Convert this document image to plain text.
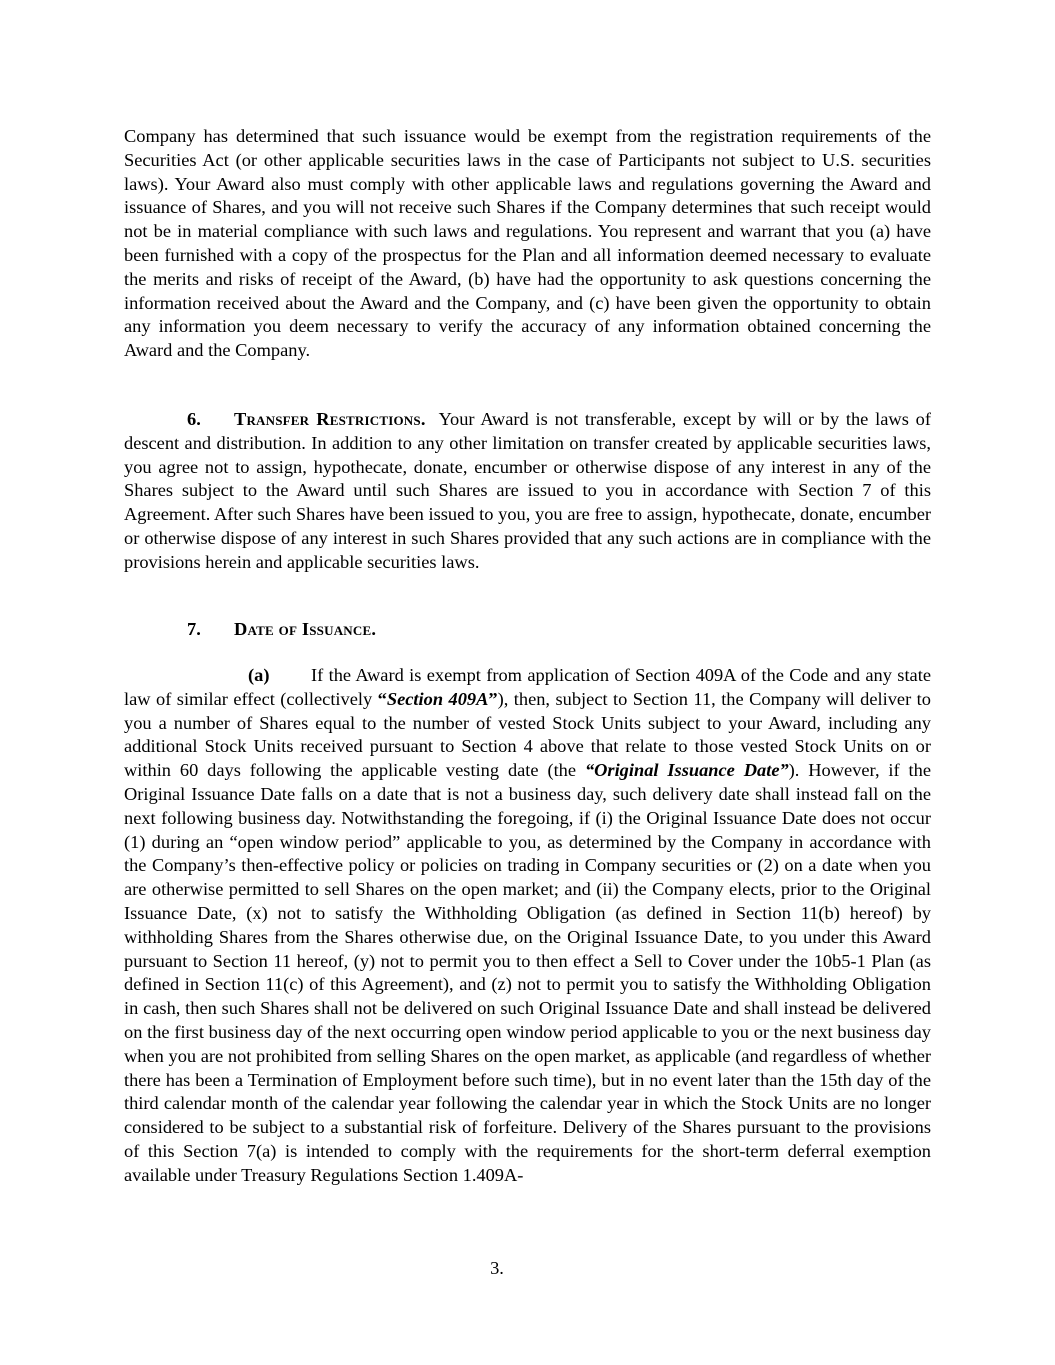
Company has determined that such issuance would be exempt from the registration requirements of the Securities Act (or other applicable securities laws in the case of Participants not subject to U.S. securities laws). Your Award also must comply with other applicable laws and regulations governing the Award and issuance of Shares, and you will not receive such Shares if the Company determines that such receipt would not be in material compliance with such laws and regulations. You represent and warrant that you (a) have been furnished with a copy of the prospectus for the Plan and all information deemed necessary to evaluate the merits and risks of receipt of the Award, (b) have had the opportunity to ask questions concerning the information received about the Award and the Company, and (c) have been given the opportunity to obtain any information you deem necessary to verify the accuracy of any information obtained concerning the Award and the Company.
6. Transfer Restrictions. Your Award is not transferable, except by will or by the laws of descent and distribution. In addition to any other limitation on transfer created by applicable securities laws, you agree not to assign, hypothecate, donate, encumber or otherwise dispose of any interest in any of the Shares subject to the Award until such Shares are issued to you in accordance with Section 7 of this Agreement. After such Shares have been issued to you, you are free to assign, hypothecate, donate, encumber or otherwise dispose of any interest in such Shares provided that any such actions are in compliance with the provisions herein and applicable securities laws.
7. Date of Issuance.
(a) If the Award is exempt from application of Section 409A of the Code and any state law of similar effect (collectively “Section 409A”), then, subject to Section 11, the Company will deliver to you a number of Shares equal to the number of vested Stock Units subject to your Award, including any additional Stock Units received pursuant to Section 4 above that relate to those vested Stock Units on or within 60 days following the applicable vesting date (the “Original Issuance Date”). However, if the Original Issuance Date falls on a date that is not a business day, such delivery date shall instead fall on the next following business day. Notwithstanding the foregoing, if (i) the Original Issuance Date does not occur (1) during an “open window period” applicable to you, as determined by the Company in accordance with the Company’s then-effective policy or policies on trading in Company securities or (2) on a date when you are otherwise permitted to sell Shares on the open market; and (ii) the Company elects, prior to the Original Issuance Date, (x) not to satisfy the Withholding Obligation (as defined in Section 11(b) hereof) by withholding Shares from the Shares otherwise due, on the Original Issuance Date, to you under this Award pursuant to Section 11 hereof, (y) not to permit you to then effect a Sell to Cover under the 10b5-1 Plan (as defined in Section 11(c) of this Agreement), and (z) not to permit you to satisfy the Withholding Obligation in cash, then such Shares shall not be delivered on such Original Issuance Date and shall instead be delivered on the first business day of the next occurring open window period applicable to you or the next business day when you are not prohibited from selling Shares on the open market, as applicable (and regardless of whether there has been a Termination of Employment before such time), but in no event later than the 15th day of the third calendar month of the calendar year following the calendar year in which the Stock Units are no longer considered to be subject to a substantial risk of forfeiture. Delivery of the Shares pursuant to the provisions of this Section 7(a) is intended to comply with the requirements for the short-term deferral exemption available under Treasury Regulations Section 1.409A-
3.
